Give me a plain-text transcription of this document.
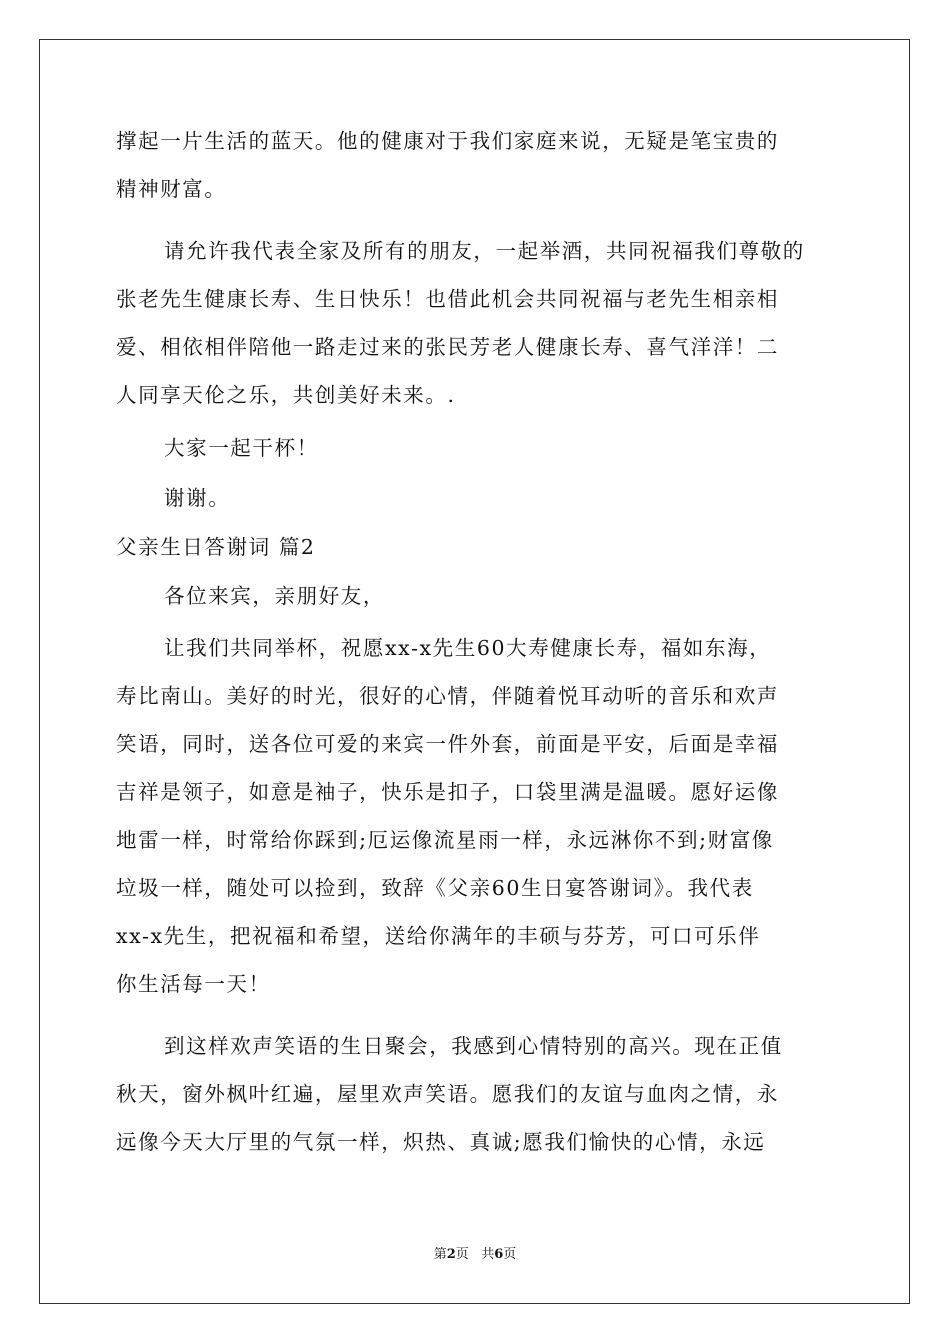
撑起一片生活的蓝天。他的健康对于我们家庭来说，无疑是笔宝贵的
精神财富。
请允许我代表全家及所有的朋友，一起举酒，共同祝福我们尊敬的
张老先生健康长寿、生日快乐！也借此机会共同祝福与老先生相亲相
爱、相依相伴陪他一路走过来的张民芳老人健康长寿、喜气洋洋！二
人同享天伦之乐，共创美好未来。.
大家一起干杯！
谢谢。
父亲生日答谢词 篇2
各位来宾，亲朋好友，
让我们共同举杯，祝愿xx-x先生60大寿健康长寿，福如东海，
寿比南山。美好的时光，很好的心情，伴随着悦耳动听的音乐和欢声
笑语，同时，送各位可爱的来宾一件外套，前面是平安，后面是幸福
吉祥是领子，如意是袖子，快乐是扣子，口袋里满是温暖。愿好运像
地雷一样，时常给你踩到;厄运像流星雨一样，永远淋你不到;财富像
垃圾一样，随处可以捡到，致辞《父亲60生日宴答谢词》。我代表
xx-x先生，把祝福和希望，送给你满年的丰硕与芬芳，可口可乐伴
你生活每一天！
到这样欢声笑语的生日聚会，我感到心情特别的高兴。现在正值
秋天，窗外枫叶红遍，屋里欢声笑语。愿我们的友谊与血肉之情，永
远像今天大厅里的气氛一样，炽热、真诚;愿我们愉快的心情，永远
第2页 共6页
